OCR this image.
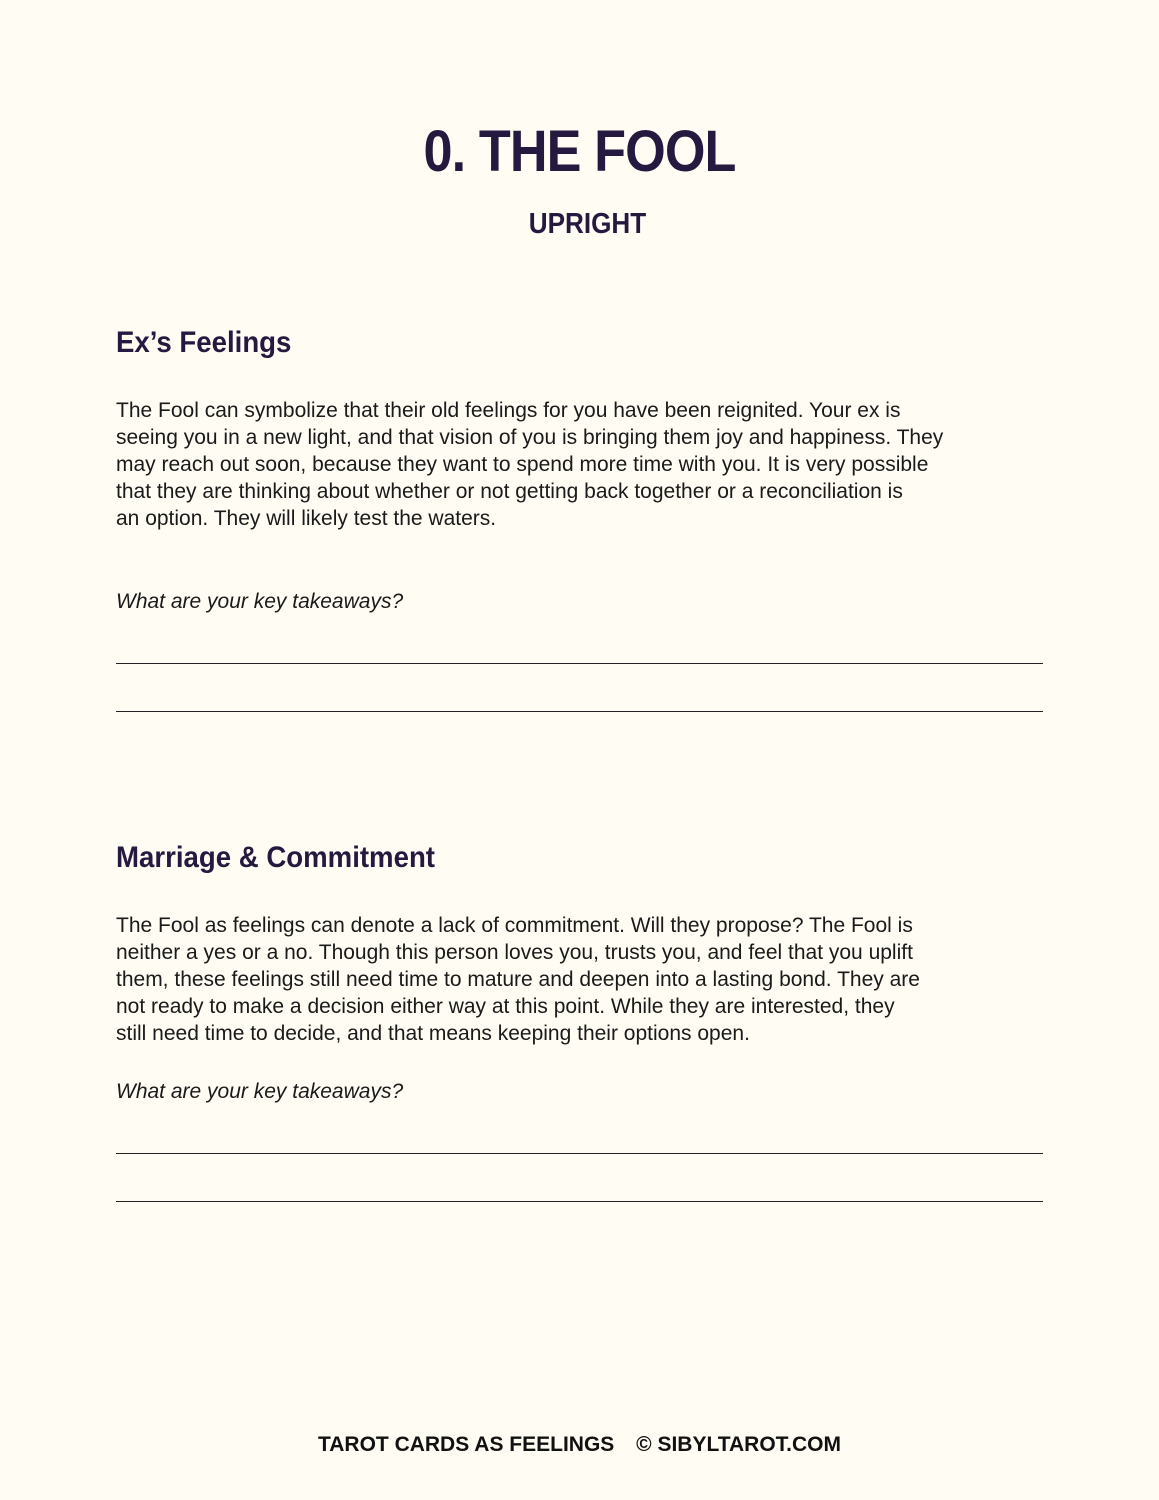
0. THE FOOL
UPRIGHT
Ex’s Feelings
The Fool can symbolize that their old feelings for you have been reignited. Your ex is
seeing you in a new light, and that vision of you is bringing them joy and happiness. They
may reach out soon, because they want to spend more time with you. It is very possible
that they are thinking about whether or not getting back together or a reconciliation is
an option. They will likely test the waters.
What are your key takeaways?
Marriage & Commitment
The Fool as feelings can denote a lack of commitment. Will they propose? The Fool is
neither a yes or a no. Though this person loves you, trusts you, and feel that you uplift
them, these feelings still need time to mature and deepen into a lasting bond. They are
not ready to make a decision either way at this point. While they are interested, they
still need time to decide, and that means keeping their options open.
What are your key takeaways?
TAROT CARDS AS FEELINGS © SIBYLTAROT.COM
